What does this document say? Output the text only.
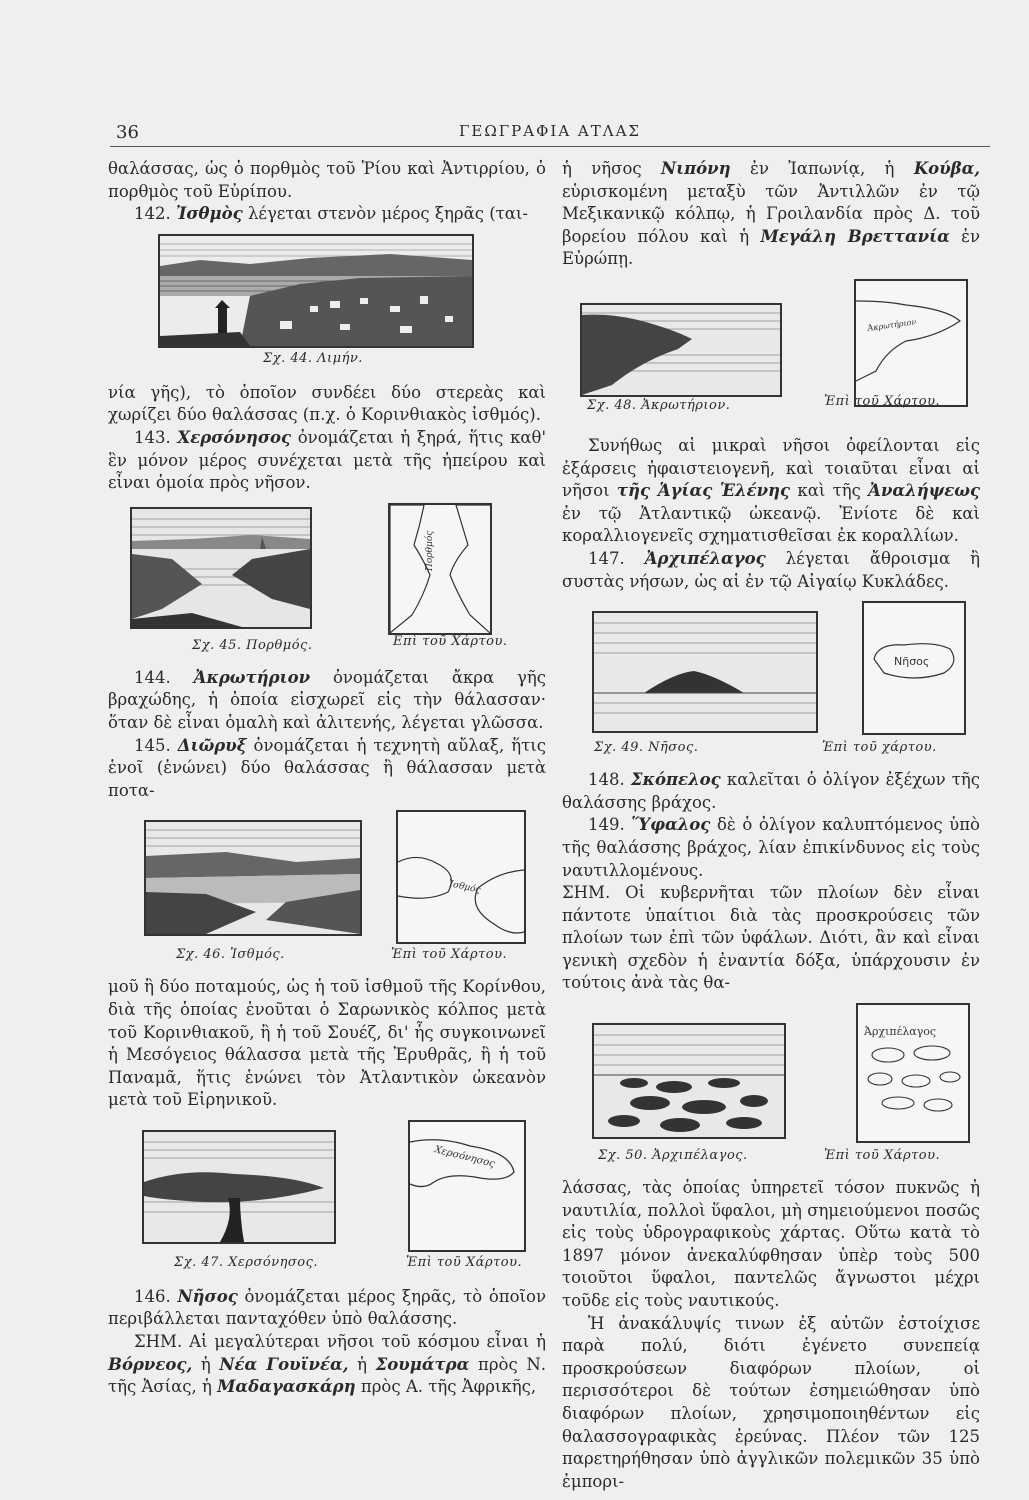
36	ΓΕΩΓΡΑΦΙΑ ΑΤΛΑΣ

θαλάσσας, ὡς ὁ πορθμὸς τοῦ Ῥίου καὶ Ἀντιρρίου, ὁ πορθμὸς τοῦ Εὐρίπου.

142. Ἰσθμὸς λέγεται στενὸν μέρος ξηρᾶς (ται-

Σχ. 44. Λιμήν.

νία γῆς), τὸ ὁποῖον συνδέει δύο στερεὰς καὶ χωρίζει δύο θαλάσσας (π.χ. ὁ Κορινθιακὸς ἰσθμός).

143. Χερσόνησος ὀνομάζεται ἡ ξηρά, ἥτις καθ' ἓν μόνον μέρος συνέχεται μετὰ τῆς ἠπείρου καὶ εἶναι ὁμοία πρὸς νῆσον.

Πορθμός
Σχ. 45. Πορθμός.	Επὶ τοῦ Χάρτου.

144. Ἀκρωτήριον ὀνομάζεται ἄκρα γῆς βραχώδης, ἡ ὁποία εἰσχωρεῖ εἰς τὴν θάλασσαν· ὅταν δὲ εἶναι ὁμαλὴ καὶ ἀλιτενής, λέγεται γλῶσσα.

145. Διῶρυξ ὀνομάζεται ἡ τεχνητὴ αὔλαξ, ἥτις ἑνοῖ (ἑνώνει) δύο θαλάσσας ἢ θάλασσαν μετὰ ποτα-

Ἰσθμός
Σχ. 46. Ἰσθμός.	Ἐπὶ τοῦ Χάρτου.

μοῦ ἢ δύο ποταμούς, ὡς ἡ τοῦ ἰσθμοῦ τῆς Κορίνθου, διὰ τῆς ὁποίας ἑνοῦται ὁ Σαρωνικὸς κόλπος μετὰ τοῦ Κορινθιακοῦ, ἢ ἡ τοῦ Σουέζ, δι' ἧς συγκοινωνεῖ ἡ Μεσόγειος θάλασσα μετὰ τῆς Ἐρυθρᾶς, ἢ ἡ τοῦ Παναμᾶ, ἥτις ἑνώνει τὸν Ἀτλαντικὸν ὠκεανὸν μετὰ τοῦ Εἰρηνικοῦ.

Χερσόνησος
Σχ. 47. Χερσόνησος.	Ἐπὶ τοῦ Χάρτου.

146. Νῆσος ὀνομάζεται μέρος ξηρᾶς, τὸ ὁποῖον περιβάλλεται πανταχόθεν ὑπὸ θαλάσσης.

ΣΗΜ. Αἱ μεγαλύτεραι νῆσοι τοῦ κόσμου εἶναι ἡ Βόρνεος, ἡ Νέα Γουϊνέα, ἡ Σουμάτρα πρὸς Ν. τῆς Ἀσίας, ἡ Μαδαγασκάρη πρὸς Α. τῆς Ἀφρικῆς,

ἡ νῆσος Νιπόνη ἐν Ἰαπωνίᾳ, ἡ Κούβα, εὑρισκομένη μεταξὺ τῶν Ἀντιλλῶν ἐν τῷ Μεξικανικῷ κόλπῳ, ἡ Γροιλανδία πρὸς Δ. τοῦ βορείου πόλου καὶ ἡ Μεγάλη Βρεττανία ἐν Εὐρώπῃ.

Ἀκρωτήριον
Σχ. 48. Ἀκρωτήριον.	Ἐπὶ τοῦ Χάρτου.

Συνήθως αἱ μικραὶ νῆσοι ὀφείλονται εἰς ἐξάρσεις ἡφαιστειογενῆ, καὶ τοιαῦται εἶναι αἱ νῆσοι τῆς Ἁγίας Ἑλένης καὶ τῆς Ἀναλήψεως ἐν τῷ Ἀτλαντικῷ ὠκεανῷ. Ἐνίοτε δὲ καὶ κοραλλιογενεῖς σχηματισθεῖσαι ἐκ κοραλλίων.

147. Ἀρχιπέλαγος λέγεται ἄθροισμα ἢ συστὰς νήσων, ὡς αἱ ἐν τῷ Αἰγαίῳ Κυκλάδες.

Νῆσος
Σχ. 49. Νῆσος.	Ἐπὶ τοῦ χάρτου.

148. Σκόπελος καλεῖται ὁ ὀλίγον ἐξέχων τῆς θαλάσσης βράχος.

149. Ὕφαλος δὲ ὁ ὀλίγον καλυπτόμενος ὑπὸ τῆς θαλάσσης βράχος, λίαν ἐπικίνδυνος εἰς τοὺς ναυτιλλομένους.

ΣΗΜ. Οἱ κυβερνῆται τῶν πλοίων δὲν εἶναι πάντοτε ὑπαίτιοι διὰ τὰς προσκρούσεις τῶν πλοίων των ἐπὶ τῶν ὑφάλων. Διότι, ἂν καὶ εἶναι γενικὴ σχεδὸν ἡ ἐναντία δόξα, ὑπάρχουσιν ἐν τούτοις ἀνὰ τὰς θα-

Ἀρχιπέλαγος
Σχ. 50. Ἀρχιπέλαγος.	Ἐπὶ τοῦ Χάρτου.

λάσσας, τὰς ὁποίας ὑπηρετεῖ τόσον πυκνῶς ἡ ναυτιλία, πολλοὶ ὕφαλοι, μὴ σημειούμενοι ποσῶς εἰς τοὺς ὑδρογραφικοὺς χάρτας. Οὕτω κατὰ τὸ 1897 μόνον ἀνεκαλύφθησαν ὑπὲρ τοὺς 500 τοιοῦτοι ὕφαλοι, παντελῶς ἄγνωστοι μέχρι τοῦδε εἰς τοὺς ναυτικούς.

Ἡ ἀνακάλυψίς τινων ἐξ αὐτῶν ἐστοίχισε παρὰ πολύ, διότι ἐγένετο συνεπείᾳ προσκρούσεων διαφόρων πλοίων, οἱ περισσότεροι δὲ τούτων ἐσημειώθησαν ὑπὸ διαφόρων πλοίων, χρησιμοποιηθέντων εἰς θαλασσογραφικὰς ἐρεύνας. Πλέον τῶν 125 παρετηρήθησαν ὑπὸ ἀγγλικῶν πολεμικῶν 35 ὑπὸ ἐμπορι-
